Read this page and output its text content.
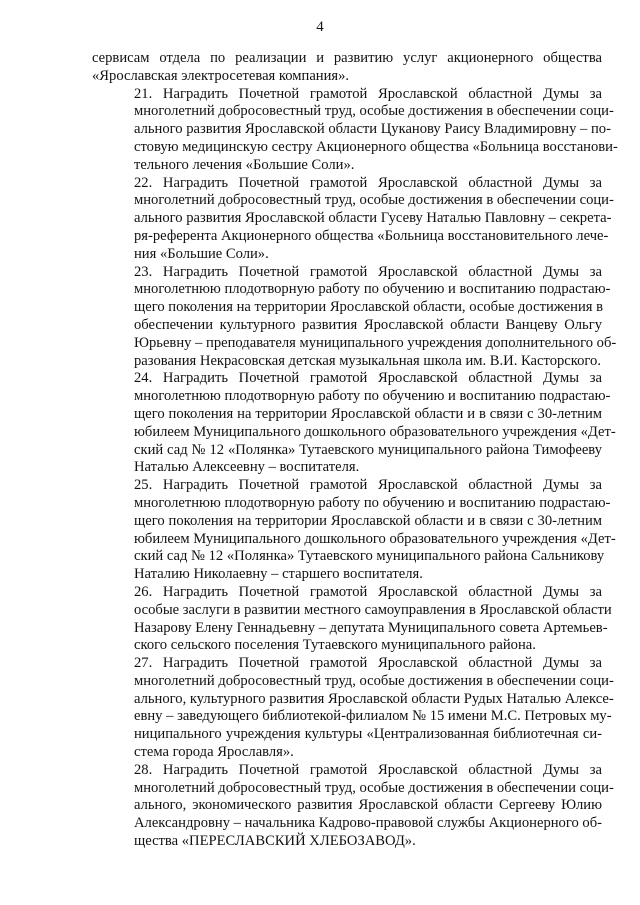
4

сервисам отдела по реализации и развитию услуг акционерного общества
«Ярославская электросетевая компания».

21. Наградить Почетной грамотой Ярославской областной Думы за
многолетний добросовестный труд, особые достижения в обеспечении соци-
ального развития Ярославской области Цуканову Раису Владимировну – по-
стовую медицинскую сестру Акционерного общества «Больница восстанови-
тельного лечения «Большие Соли».

22. Наградить Почетной грамотой Ярославской областной Думы за
многолетний добросовестный труд, особые достижения в обеспечении соци-
ального развития Ярославской области Гусеву Наталью Павловну – секрета-
ря-референта Акционерного общества «Больница восстановительного лече-
ния «Большие Соли».

23. Наградить Почетной грамотой Ярославской областной Думы за
многолетнюю плодотворную работу по обучению и воспитанию подрастаю-
щего поколения на территории Ярославской области, особые достижения в
обеспечении культурного развития Ярославской области Ванцеву Ольгу
Юрьевну – преподавателя муниципального учреждения дополнительного об-
разования Некрасовская детская музыкальная школа им. В.И. Касторского.

24. Наградить Почетной грамотой Ярославской областной Думы за
многолетнюю плодотворную работу по обучению и воспитанию подрастаю-
щего поколения на территории Ярославской области и в связи с 30-летним
юбилеем Муниципального дошкольного образовательного учреждения «Дет-
ский сад № 12 «Полянка» Тутаевского муниципального района Тимофееву
Наталью Алексеевну – воспитателя.

25. Наградить Почетной грамотой Ярославской областной Думы за
многолетнюю плодотворную работу по обучению и воспитанию подрастаю-
щего поколения на территории Ярославской области и в связи с 30-летним
юбилеем Муниципального дошкольного образовательного учреждения «Дет-
ский сад № 12 «Полянка» Тутаевского муниципального района Сальникову
Наталию Николаевну – старшего воспитателя.

26. Наградить Почетной грамотой Ярославской областной Думы за
особые заслуги в развитии местного самоуправления в Ярославской области
Назарову Елену Геннадьевну – депутата Муниципального совета Артемьев-
ского сельского поселения Тутаевского муниципального района.

27. Наградить Почетной грамотой Ярославской областной Думы за
многолетний добросовестный труд, особые достижения в обеспечении соци-
ального, культурного развития Ярославской области Рудых Наталью Алексе-
евну – заведующего библиотекой-филиалом № 15 имени М.С. Петровых му-
ниципального учреждения культуры «Централизованная библиотечная си-
стема города Ярославля».

28. Наградить Почетной грамотой Ярославской областной Думы за
многолетний добросовестный труд, особые достижения в обеспечении соци-
ального, экономического развития Ярославской области Сергееву Юлию
Александровну – начальника Кадрово-правовой службы Акционерного об-
щества «ПЕРЕСЛАВСКИЙ ХЛЕБОЗАВОД».
